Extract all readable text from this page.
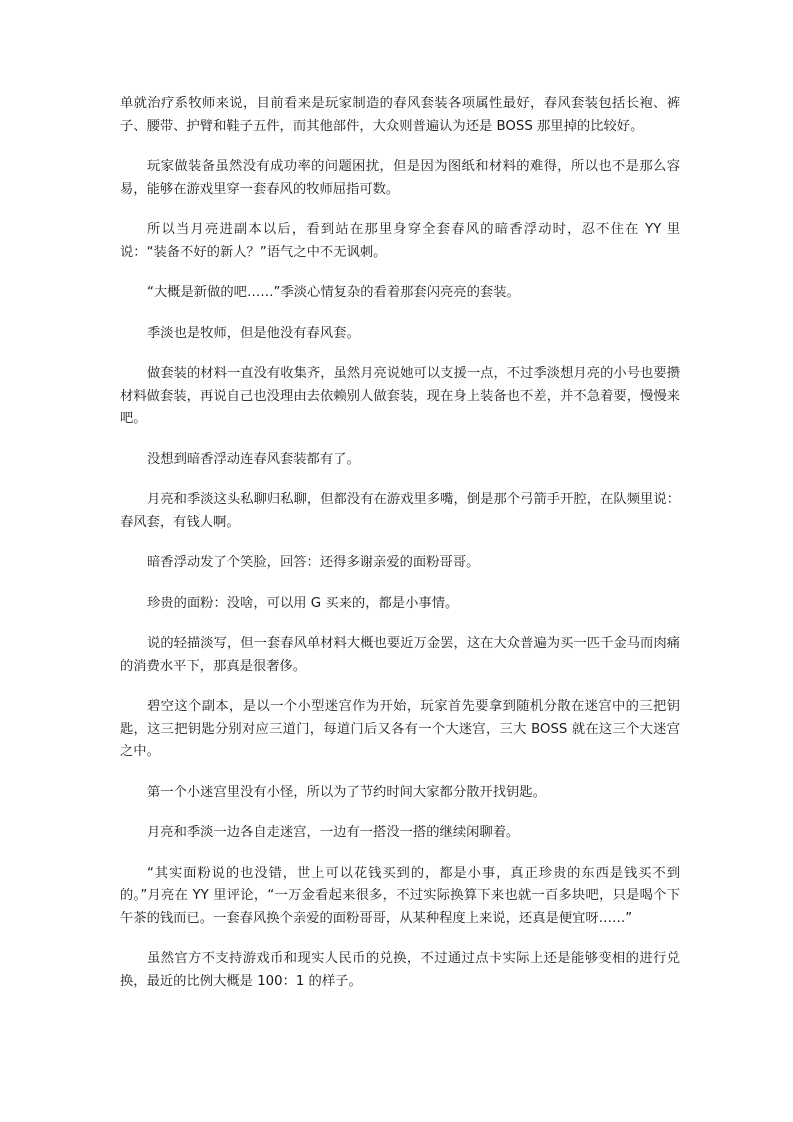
单就治疗系牧师来说，目前看来是玩家制造的春风套装各项属性最好，春风套装包括长袍、裤子、腰带、护臂和鞋子五件，而其他部件，大众则普遍认为还是 BOSS 那里掉的比较好。

玩家做装备虽然没有成功率的问题困扰，但是因为图纸和材料的难得，所以也不是那么容易，能够在游戏里穿一套春风的牧师屈指可数。

所以当月亮进副本以后，看到站在那里身穿全套春风的暗香浮动时，忍不住在 YY 里说：“装备不好的新人？”语气之中不无讽刺。

“大概是新做的吧……”季淡心情复杂的看着那套闪亮亮的套装。

季淡也是牧师，但是他没有春风套。

做套装的材料一直没有收集齐，虽然月亮说她可以支援一点，不过季淡想月亮的小号也要攒材料做套装，再说自己也没理由去依赖别人做套装，现在身上装备也不差，并不急着要，慢慢来吧。

没想到暗香浮动连春风套装都有了。

月亮和季淡这头私聊归私聊，但都没有在游戏里多嘴，倒是那个弓箭手开腔，在队频里说：春风套，有钱人啊。

暗香浮动发了个笑脸，回答：还得多谢亲爱的面粉哥哥。

珍贵的面粉：没啥，可以用 G 买来的，都是小事情。

说的轻描淡写，但一套春风单材料大概也要近万金罢，这在大众普遍为买一匹千金马而肉痛的消费水平下，那真是很奢侈。

碧空这个副本，是以一个小型迷宫作为开始，玩家首先要拿到随机分散在迷宫中的三把钥匙，这三把钥匙分别对应三道门，每道门后又各有一个大迷宫，三大 BOSS 就在这三个大迷宫之中。

第一个小迷宫里没有小怪，所以为了节约时间大家都分散开找钥匙。

月亮和季淡一边各自走迷宫，一边有一搭没一搭的继续闲聊着。

“其实面粉说的也没错，世上可以花钱买到的，都是小事，真正珍贵的东西是钱买不到的。”月亮在 YY 里评论，“一万金看起来很多，不过实际换算下来也就一百多块吧，只是喝个下午茶的钱而已。一套春风换个亲爱的面粉哥哥，从某种程度上来说，还真是便宜呀……”

虽然官方不支持游戏币和现实人民币的兑换，不过通过点卡实际上还是能够变相的进行兑换，最近的比例大概是 100：1 的样子。
